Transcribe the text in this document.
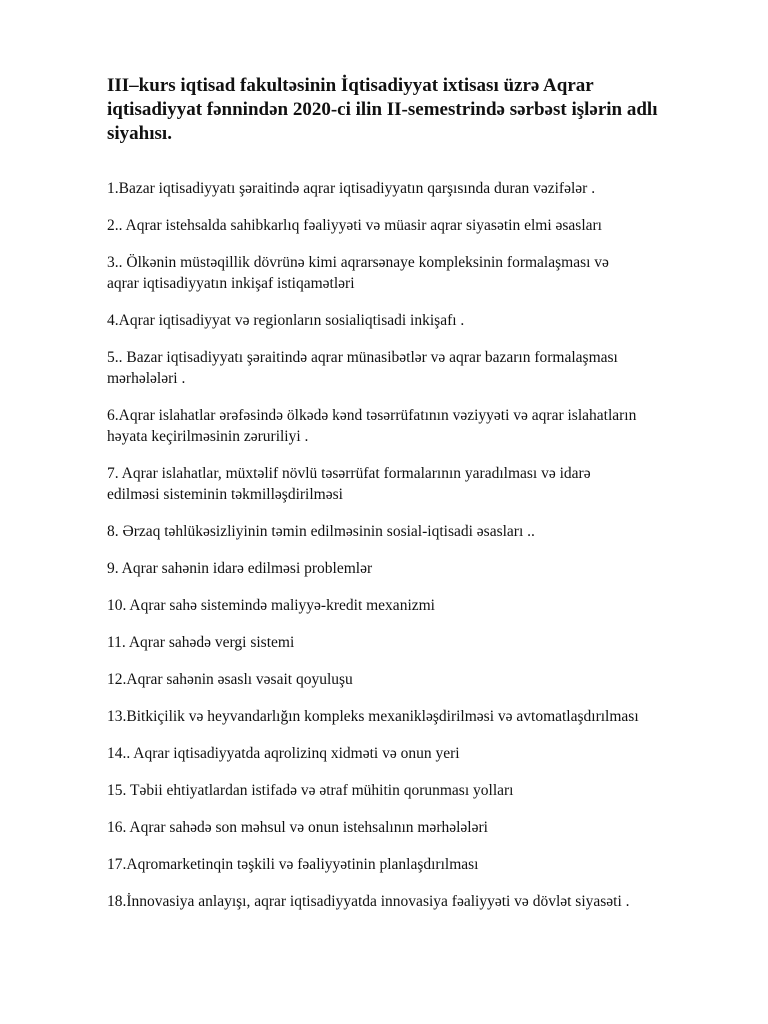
III–kurs iqtisad fakultəsinin İqtisadiyyat ixtisası üzrə Aqrar
iqtisadiyyat fənnindən 2020-ci ilin II-semestrində sərbəst işlərin adlı
siyahısı.
1.Bazar iqtisadiyyatı şəraitində aqrar iqtisadiyyatın qarşısında duran vəzifələr .
2.. Aqrar istehsalda sahibkarlıq fəaliyyəti və müasir aqrar siyasətin elmi əsasları
3.. Ölkənin müstəqillik dövrünə kimi aqrarsənaye kompleksinin formalaşması və
aqrar iqtisadiyyatın inkişaf istiqamətləri
4.Aqrar iqtisadiyyat və regionların sosialiqtisadi inkişafı .
5.. Bazar iqtisadiyyatı şəraitində aqrar münasibətlər və aqrar bazarın formalaşması
mərhələləri .
6.Aqrar islahatlar ərəfəsində ölkədə kənd təsərrüfatının vəziyyəti və aqrar islahatların
həyata keçirilməsinin zəruriliyi .
7. Aqrar islahatlar, müxtəlif növlü təsərrüfat formalarının yaradılması və idarə
edilməsi sisteminin təkmilləşdirilməsi
8. Ərzaq təhlükəsizliyinin təmin edilməsinin sosial-iqtisadi əsasları ..
9. Aqrar sahənin idarə edilməsi problemlər
10. Aqrar sahə sistemində maliyyə-kredit mexanizmi
11. Aqrar sahədə vergi sistemi
12.Aqrar sahənin əsaslı vəsait qoyuluşu
13.Bitkiçilik və heyvandarlığın kompleks mexanikləşdirilməsi və avtomatlaşdırılması
14.. Aqrar iqtisadiyyatda aqrolizinq xidməti və onun yeri
15. Təbii ehtiyatlardan istifadə və ətraf mühitin qorunması yolları
16. Aqrar sahədə son məhsul və onun istehsalının mərhələləri
17.Aqromarketinqin təşkili və fəaliyyətinin planlaşdırılması
18.İnnovasiya anlayışı, aqrar iqtisadiyyatda innovasiya fəaliyyəti və dövlət siyasəti .
